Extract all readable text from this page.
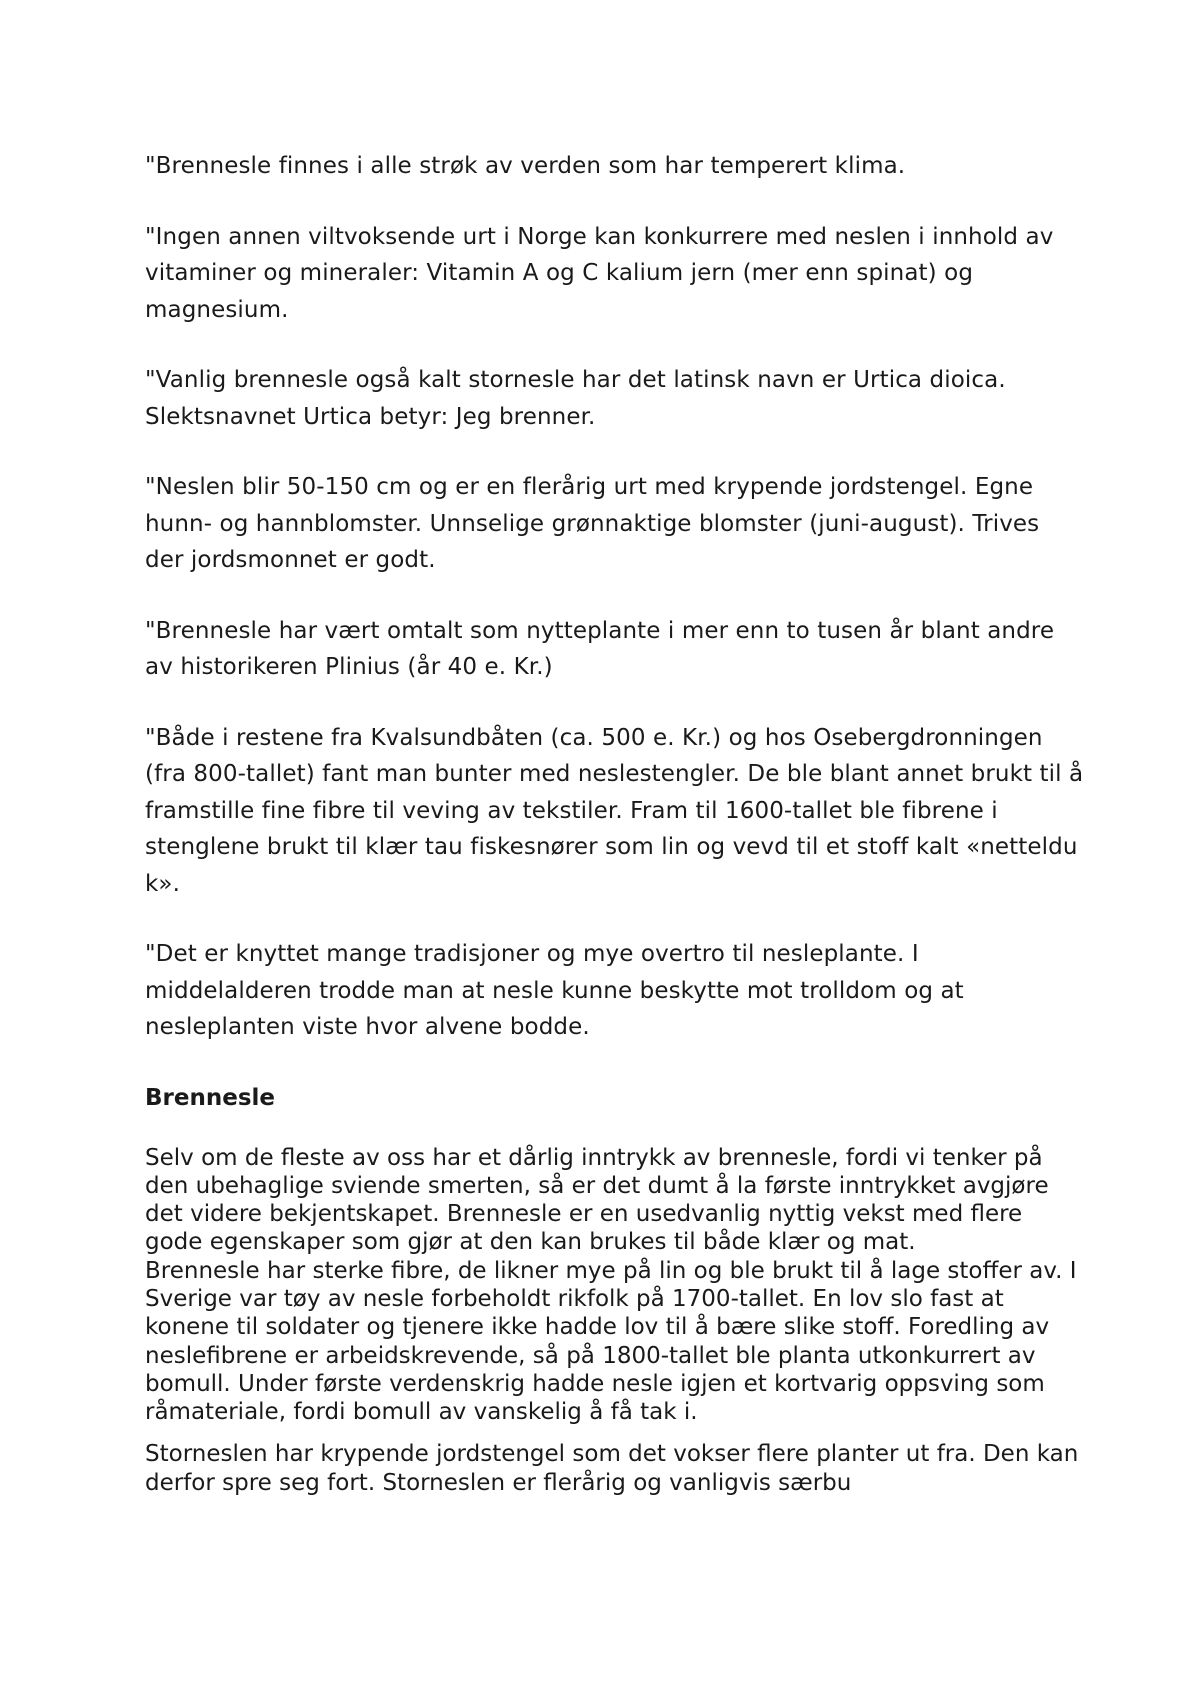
"Brennesle finnes i alle strøk av verden som har temperert klima.

"Ingen annen viltvoksende urt i Norge kan konkurrere med neslen i innhold av vitaminer og mineraler: Vitamin A og C kalium jern (mer enn spinat) og magnesium.

"Vanlig brennesle også kalt stornesle har det latinsk navn er Urtica dioica. Slektsnavnet Urtica betyr: Jeg brenner.

"Neslen blir 50-150 cm og er en flerårig urt med krypende jordstengel. Egne hunn- og hannblomster. Unnselige grønnaktige blomster (juni-august). Trives der jordsmonnet er godt.

"Brennesle har vært omtalt som nytteplante i mer enn to tusen år blant andre av historikeren Plinius (år 40 e. Kr.)

"Både i restene fra Kvalsundbåten (ca. 500 e. Kr.) og hos Osebergdronningen (fra 800-tallet) fant man bunter med neslestengler. De ble blant annet brukt til å framstille fine fibre til veving av tekstiler. Fram til 1600-tallet ble fibrene i stenglene brukt til klær tau fiskesnører som lin og vevd til et stoff kalt «netteldu k».

"Det er knyttet mange tradisjoner og mye overtro til nesleplante. I middelalderen trodde man at nesle kunne beskytte mot trolldom og at nesleplanten viste hvor alvene bodde.

Brennesle

Selv om de fleste av oss har et dårlig inntrykk av brennesle, fordi vi tenker på den ubehaglige sviende smerten, så er det dumt å la første inntrykket avgjøre det videre bekjentskapet. Brennesle er en usedvanlig nyttig vekst med flere gode egenskaper som gjør at den kan brukes til både klær og mat.

Brennesle har sterke fibre, de likner mye på lin og ble brukt til å lage stoffer av. I Sverige var tøy av nesle forbeholdt rikfolk på 1700-tallet. En lov slo fast at konene til soldater og tjenere ikke hadde lov til å bære slike stoff. Foredling av neslefibrene er arbeidskrevende, så på 1800-tallet ble planta utkonkurrert av bomull. Under første verdenskrig hadde nesle igjen et kortvarig oppsving som råmateriale, fordi bomull av vanskelig å få tak i.

Storneslen har krypende jordstengel som det vokser flere planter ut fra. Den kan derfor spre seg fort. Storneslen er flerårig og vanligvis særbu
